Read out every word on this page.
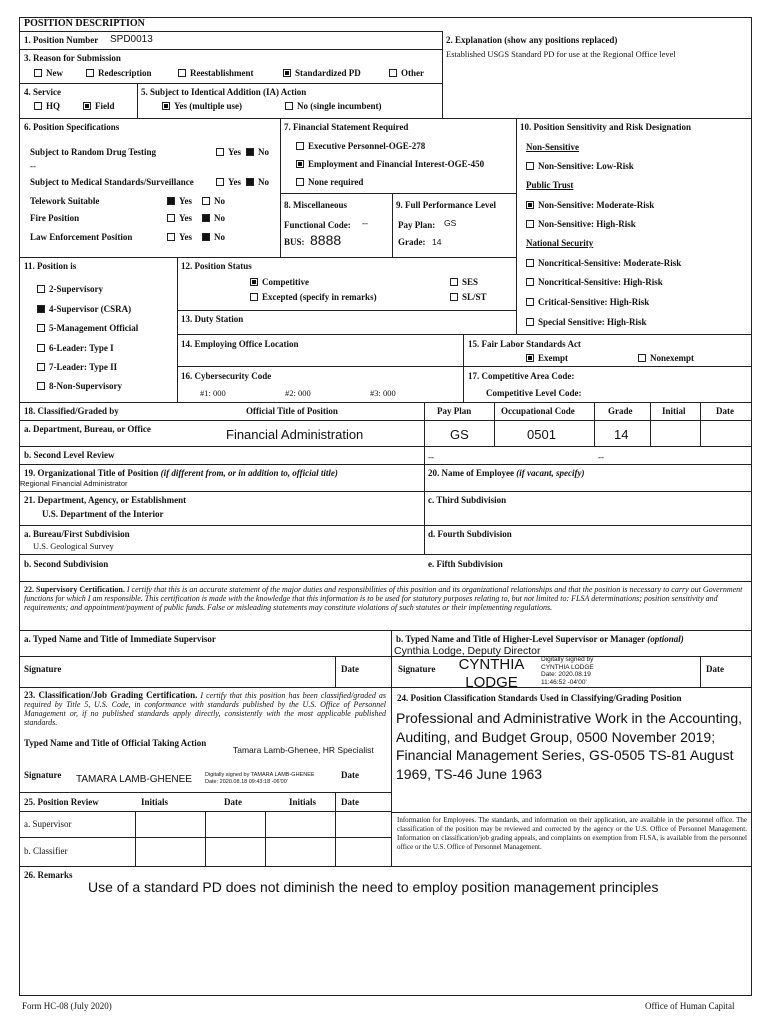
POSITION DESCRIPTION
1. Position Number SPD0013	2. Explanation (show any positions replaced)
Established USGS Standard PD for use at the Regional Office level
3. Reason for Submission
New	Redescription	Reestablishment	Standardized PD	Other
4. Service
HQ	Field
5. Subject to Identical Addition (IA) Action
Yes (multiple use)	No (single incumbent)
6. Position Specifications
Subject to Random Drug Testing	Yes	No
--
Subject to Medical Standards/Surveillance	Yes	No
Telework Suitable	Yes	No
Fire Position	Yes	No
Law Enforcement Position	Yes	No
7. Financial Statement Required
Executive Personnel-OGE-278
Employment and Financial Interest-OGE-450
None required
8. Miscellaneous
Functional Code: --
BUS: 8888
9. Full Performance Level
Pay Plan: GS
Grade: 14
10. Position Sensitivity and Risk Designation
Non-Sensitive
Non-Sensitive: Low-Risk
Public Trust
Non-Sensitive: Moderate-Risk
Non-Sensitive: High-Risk
National Security
Noncritical-Sensitive: Moderate-Risk
Noncritical-Sensitive: High-Risk
Critical-Sensitive: High-Risk
Special Sensitive: High-Risk
11. Position is
2-Supervisory
4-Supervisor (CSRA)
5-Management Official
6-Leader: Type I
7-Leader: Type II
8-Non-Supervisory
12. Position Status
Competitive
Excepted (specify in remarks)
SES
SL/ST
13. Duty Station
14. Employing Office Location	15. Fair Labor Standards Act
Exempt	Nonexempt
16. Cybersecurity Code
#1: 000	#2: 000	#3: 000
17. Competitive Area Code:
Competitive Level Code:
18. Classified/Graded by	Official Title of Position	Pay Plan	Occupational Code	Grade	Initial	Date
a. Department, Bureau, or Office	Financial Administration	GS	0501	14
b. Second Level Review	--	--
19. Organizational Title of Position (if different from, or in addition to, official title)
Regional Financial Administrator
20. Name of Employee (if vacant, specify)
21. Department, Agency, or Establishment
U.S. Department of the Interior
c. Third Subdivision
a. Bureau/First Subdivision
U.S. Geological Survey
d. Fourth Subdivision
b. Second Subdivision	e. Fifth Subdivision
22. Supervisory Certification. I certify that this is an accurate statement of the major duties and responsibilities of this position and its organizational relationships and that the position is necessary to carry out Government functions for which I am responsible. This certification is made with the knowledge that this information is to be used for statutory purposes relating to, but not limited to: FLSA determinations; position sensitivity and requirements; and appointment/payment of public funds. False or misleading statements may constitute violations of such statutes or their implementing regulations.
a. Typed Name and Title of Immediate Supervisor	b. Typed Name and Title of Higher-Level Supervisor or Manager (optional)
Cynthia Lodge, Deputy Director
Signature	Date	Signature	CYNTHIA LODGE
Digitally signed by
CYNTHIA LODGE
Date: 2020.08.19
11:46:52 -04'00'
Date
23. Classification/Job Grading Certification. I certify that this position has been classified/graded as required by Title 5, U.S. Code, in conformance with standards published by the U.S. Office of Personnel Management or, if no published standards apply directly, consistently with the most applicable published standards.
Typed Name and Title of Official Taking Action
Tamara Lamb-Ghenee, HR Specialist
Signature TAMARA LAMB-GHENEE Digitally signed by TAMARA LAMB-GHENEE
Date: 2020.08.18 09:43:18 -06'00'
Date
24. Position Classification Standards Used in Classifying/Grading Position
Professional and Administrative Work in the Accounting, Auditing, and Budget Group, 0500 November 2019; Financial Management Series, GS-0505 TS-81 August 1969, TS-46 June 1963
25. Position Review	Initials	Date	Initials	Date
a. Supervisor
b. Classifier
Information for Employees. The standards, and information on their application, are available in the personnel office. The classification of the position may be reviewed and corrected by the agency or the U.S. Office of Personnel Management. Information on classification/job grading appeals, and complaints on exemption from FLSA, is available from the personnel office or the U.S. Office of Personnel Management.
26. Remarks
Use of a standard PD does not diminish the need to employ position management principles
Form HC-08 (July 2020)	Office of Human Capital
